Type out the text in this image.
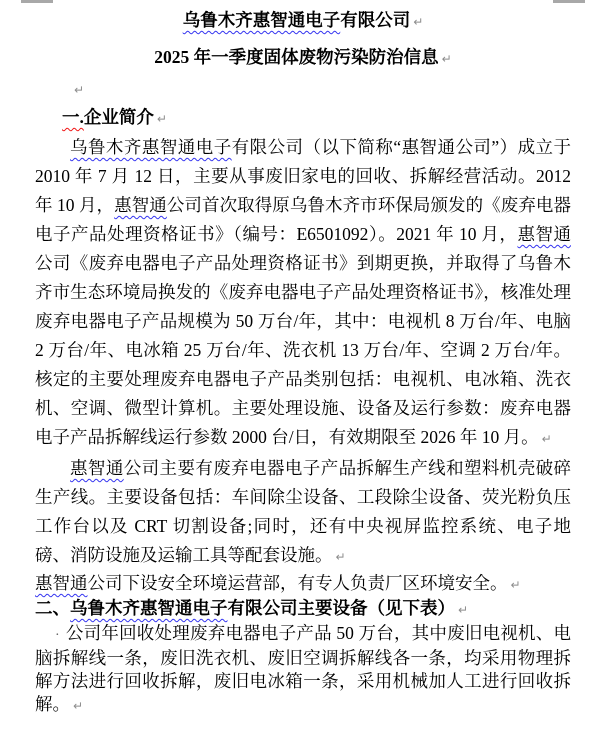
乌鲁木齐惠智通电子有限公司 ↵
2025 年一季度固体废物污染防治信息 ↵
↵
一.企业简介 ↵

乌鲁木齐惠智通电子有限公司（以下简称“惠智通公司”）成立于 2010 年 7 月 12 日，主要从事废旧家电的回收、拆解经营活动。2012 年 10 月，惠智通公司首次取得原乌鲁木齐市环保局颁发的《废弃电器电子产品处理资格证书》（编号：E6501092）。2021 年 10 月，惠智通公司《废弃电器电子产品处理资格证书》到期更换，并取得了乌鲁木齐市生态环境局换发的《废弃电器电子产品处理资格证书》，核准处理废弃电器电子产品规模为 50 万台/年，其中：电视机 8 万台/年、电脑 2 万台/年、电冰箱 25 万台/年、洗衣机 13 万台/年、空调 2 万台/年。核定的主要处理废弃电器电子产品类别包括：电视机、电冰箱、洗衣机、空调、微型计算机。主要处理设施、设备及运行参数：废弃电器电子产品拆解线运行参数 2000 台/日，有效期限至 2026 年 10 月。 ↵

惠智通公司主要有废弃电器电子产品拆解生产线和塑料机壳破碎生产线。主要设备包括：车间除尘设备、工段除尘设备、荧光粉负压工作台以及 CRT 切割设备;同时，还有中央视屏监控系统、电子地磅、消防设施及运输工具等配套设施。 ↵

惠智通公司下设安全环境运营部，有专人负责厂区环境安全。 ↵

二、乌鲁木齐惠智通电子有限公司主要设备（见下表） ↵

· 公司年回收处理废弃电器电子产品 50 万台，其中废旧电视机、电脑拆解线一条，废旧洗衣机、废旧空调拆解线各一条，均采用物理拆解方法进行回收拆解，废旧电冰箱一条，采用机械加人工进行回收拆解。 ↵
